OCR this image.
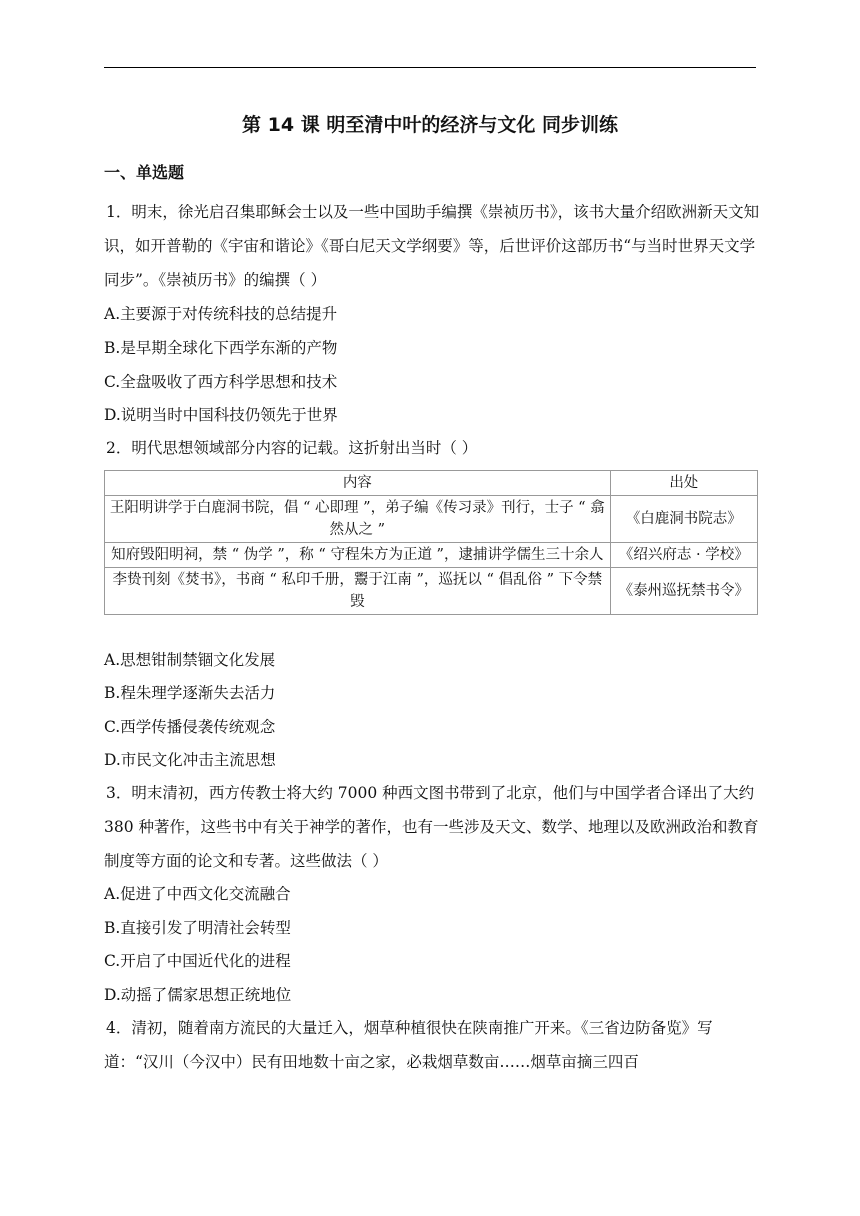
第 14 课 明至清中叶的经济与文化 同步训练
一、单选题
1．明末，徐光启召集耶稣会士以及一些中国助手编撰《崇祯历书》，该书大量介绍欧洲新天文知识，如开普勒的《宇宙和谐论》《哥白尼天文学纲要》等，后世评价这部历书“与当时世界天文学同步”。《崇祯历书》的编撰（ ）
A.主要源于对传统科技的总结提升
B.是早期全球化下西学东渐的产物
C.全盘吸收了西方科学思想和技术
D.说明当时中国科技仍领先于世界
2．明代思想领域部分内容的记载。这折射出当时（ ）
内容	出处
王阳明讲学于白鹿洞书院，倡 “ 心即理 ”，弟子编《传习录》刊行，士子 “ 翕然从之 ”	《白鹿洞书院志》
知府毁阳明祠，禁 “ 伪学 ”，称 “ 守程朱方为正道 ”，逮捕讲学儒生三十余人	《绍兴府志 · 学校》
李贽刊刻《焚书》，书商 “ 私印千册，鬻于江南 ”，巡抚以 “ 倡乱俗 ” 下令禁毁	《泰州巡抚禁书令》
A.思想钳制禁锢文化发展
B.程朱理学逐渐失去活力
C.西学传播侵袭传统观念
D.市民文化冲击主流思想
3．明末清初，西方传教士将大约 7000 种西文图书带到了北京，他们与中国学者合译出了大约 380 种著作，这些书中有关于神学的著作，也有一些涉及天文、数学、地理以及欧洲政治和教育制度等方面的论文和专著。这些做法（ ）
A.促进了中西文化交流融合
B.直接引发了明清社会转型
C.开启了中国近代化的进程
D.动摇了儒家思想正统地位
4．清初，随着南方流民的大量迁入，烟草种植很快在陕南推广开来。《三省边防备览》写道：“汉川（今汉中）民有田地数十亩之家，必栽烟草数亩……烟草亩摘三四百
